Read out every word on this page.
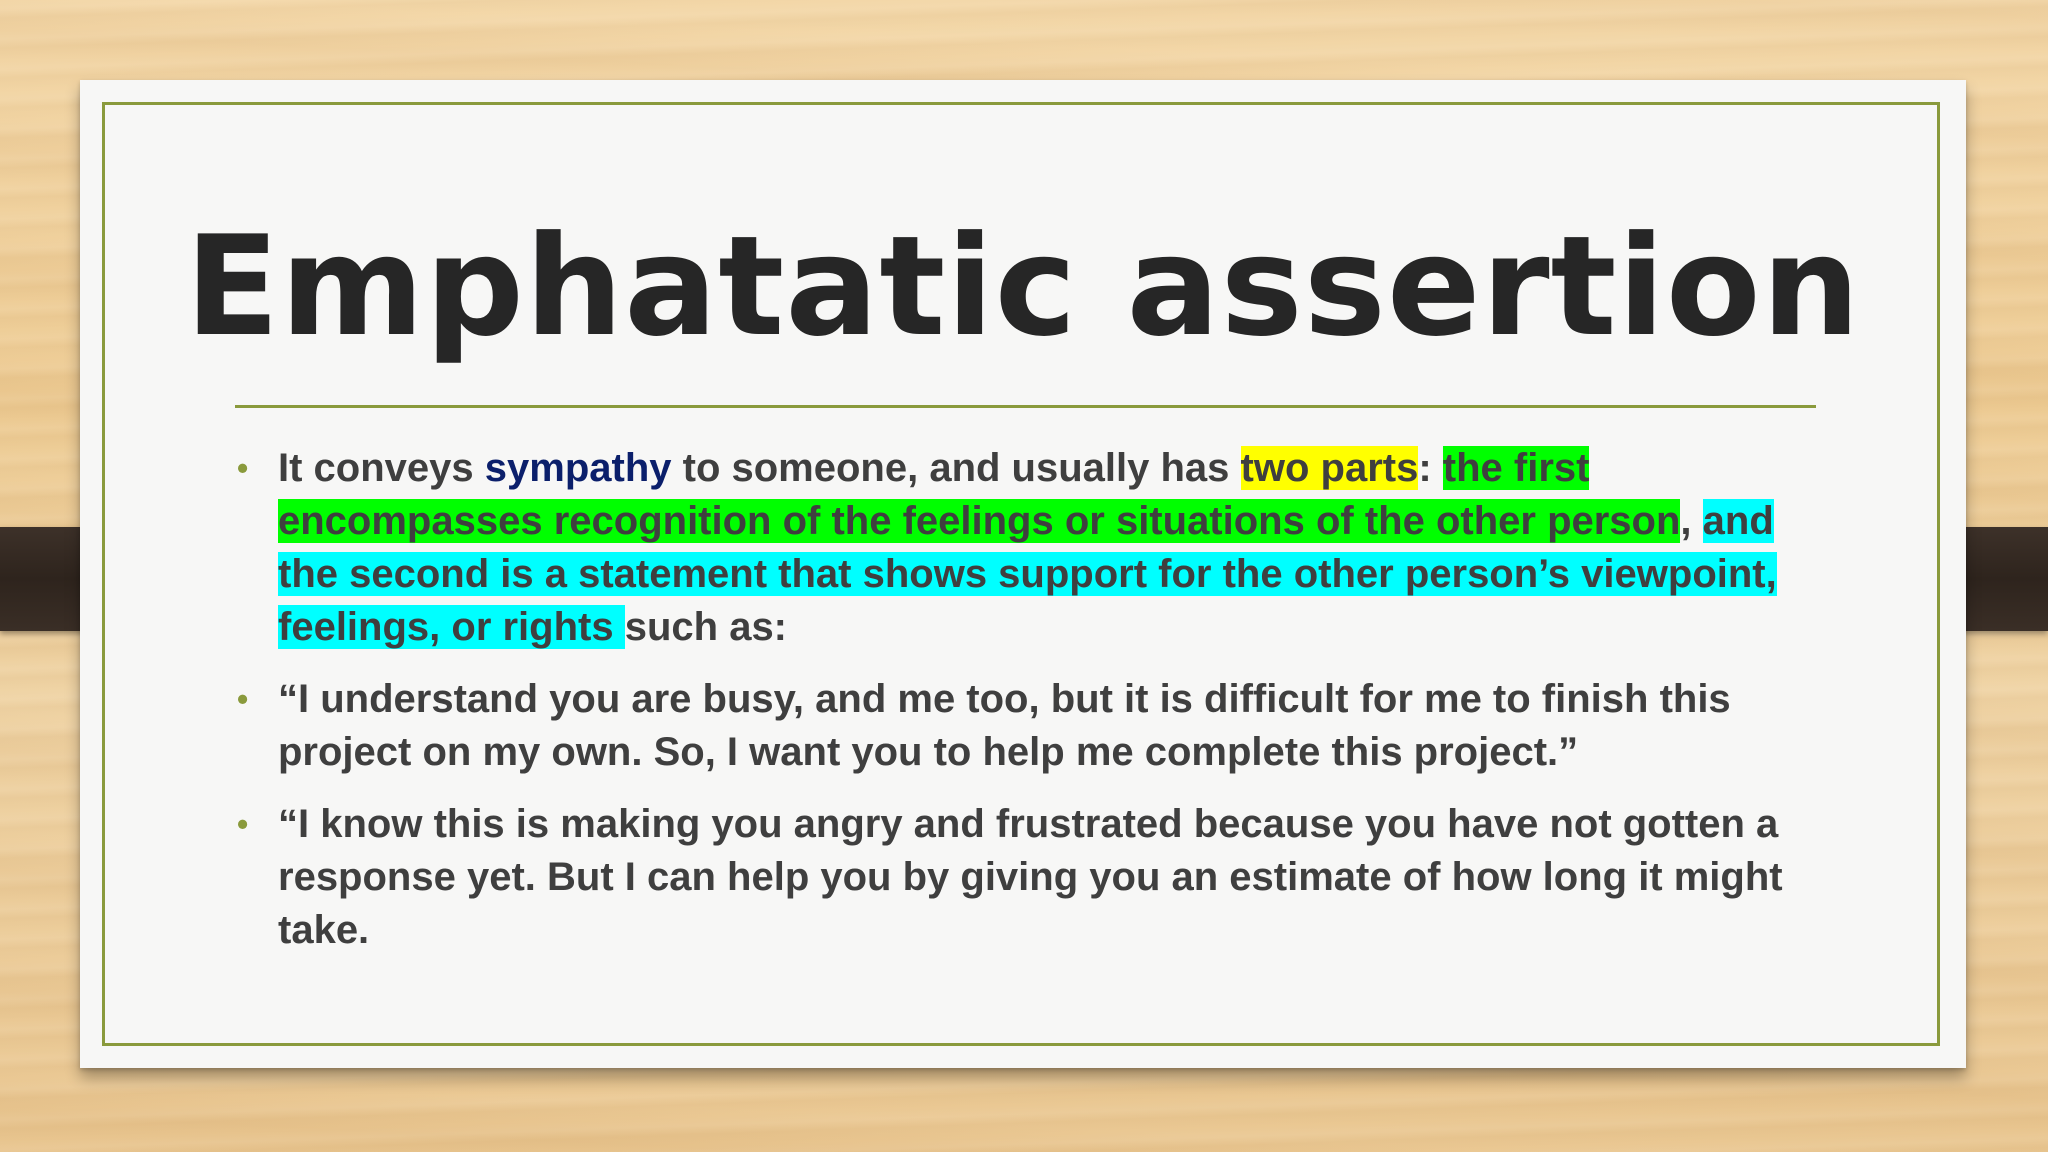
Emphatatic assertion
• It conveys sympathy to someone, and usually has two parts: the first encompasses recognition of the feelings or situations of the other person, and the second is a statement that shows support for the other person’s viewpoint, feelings, or rights such as:
• “I understand you are busy, and me too, but it is difficult for me to finish this project on my own. So, I want you to help me complete this project.”
• “I know this is making you angry and frustrated because you have not gotten a response yet. But I can help you by giving you an estimate of how long it might take.
